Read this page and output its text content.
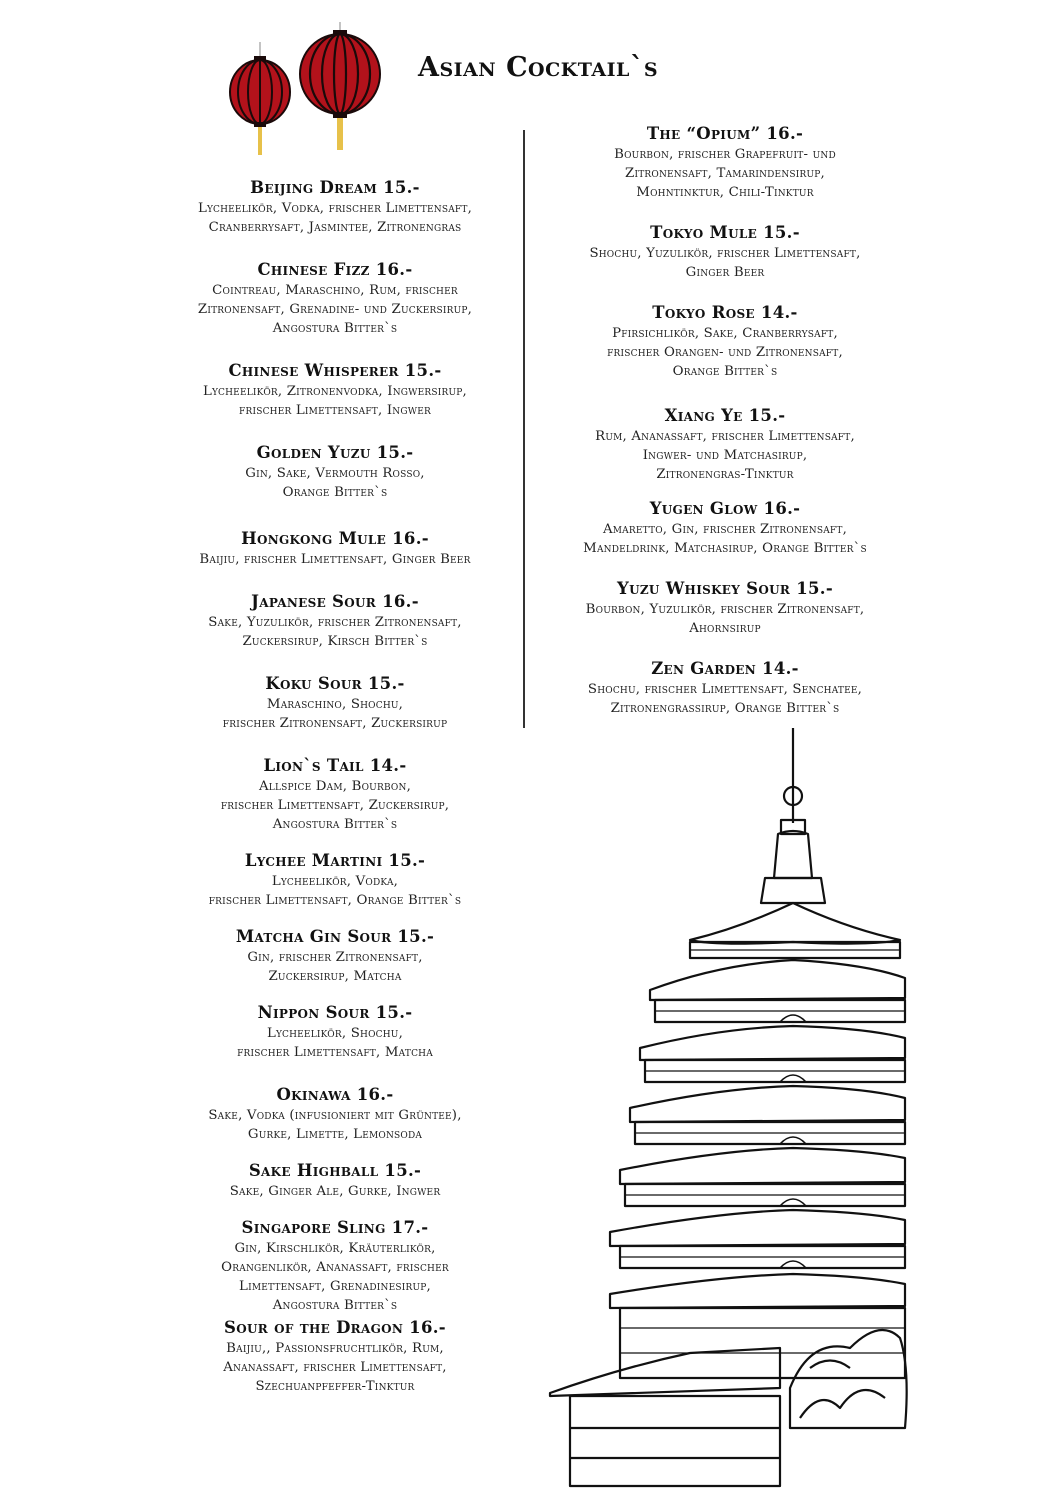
Asian Cocktail`s
Beijing Dream 15.-
Lycheelikör, Vodka, frischer Limettensaft,
Cranberrysaft, Jasmintee, Zitronengras
Chinese Fizz 16.-
Cointreau, Maraschino, Rum, frischer
Zitronensaft, Grenadine- und Zuckersirup,
Angostura Bitter`s
Chinese Whisperer 15.-
Lycheelikör, Zitronenvodka, Ingwersirup,
frischer Limettensaft, Ingwer
Golden Yuzu 15.-
Gin, Sake, Vermouth Rosso,
Orange Bitter`s
Hongkong Mule 16.-
Baijiu, frischer Limettensaft, Ginger Beer
Japanese Sour 16.-
Sake, Yuzulikör, frischer Zitronensaft,
Zuckersirup, Kirsch Bitter`s
Koku Sour 15.-
Maraschino, Shochu,
frischer Zitronensaft, Zuckersirup
Lion`s Tail 14.-
Allspice Dam, Bourbon,
frischer Limettensaft, Zuckersirup,
Angostura Bitter`s
Lychee Martini 15.-
Lycheelikör, Vodka,
frischer Limettensaft, Orange Bitter`s
Matcha Gin Sour 15.-
Gin, frischer Zitronensaft,
Zuckersirup, Matcha
Nippon Sour 15.-
Lycheelikör, Shochu,
frischer Limettensaft, Matcha
Okinawa 16.-
Sake, Vodka (infusioniert mit Grüntee),
Gurke, Limette, Lemonsoda
Sake Highball 15.-
Sake, Ginger Ale, Gurke, Ingwer
Singapore Sling 17.-
Gin, Kirschlikör, Kräuterlikör,
Orangenlikör, Ananassaft, frischer
Limettensaft, Grenadinesirup,
Angostura Bitter`s
Sour of the Dragon 16.-
Baijiu,, Passionsfruchtlikör, Rum,
Ananassaft, frischer Limettensaft,
Szechuanpfeffer-Tinktur
The “Opium” 16.-
Bourbon, frischer Grapefruit- und
Zitronensaft, Tamarindensirup,
Mohntinktur, Chili-Tinktur
Tokyo Mule 15.-
Shochu, Yuzulikör, frischer Limettensaft,
Ginger Beer
Tokyo Rose 14.-
Pfirsichlikör, Sake, Cranberrysaft,
frischer Orangen- und Zitronensaft,
Orange Bitter`s
Xiang Ye 15.-
Rum, Ananassaft, frischer Limettensaft,
Ingwer- und Matchasirup,
Zitronengras-Tinktur
Yugen Glow 16.-
Amaretto, Gin, frischer Zitronensaft,
Mandeldrink, Matchasirup, Orange Bitter`s
Yuzu Whiskey Sour 15.-
Bourbon, Yuzulikör, frischer Zitronensaft,
Ahornsirup
Zen Garden 14.-
Shochu, frischer Limettensaft, Senchatee,
Zitronengrassirup, Orange Bitter`s
